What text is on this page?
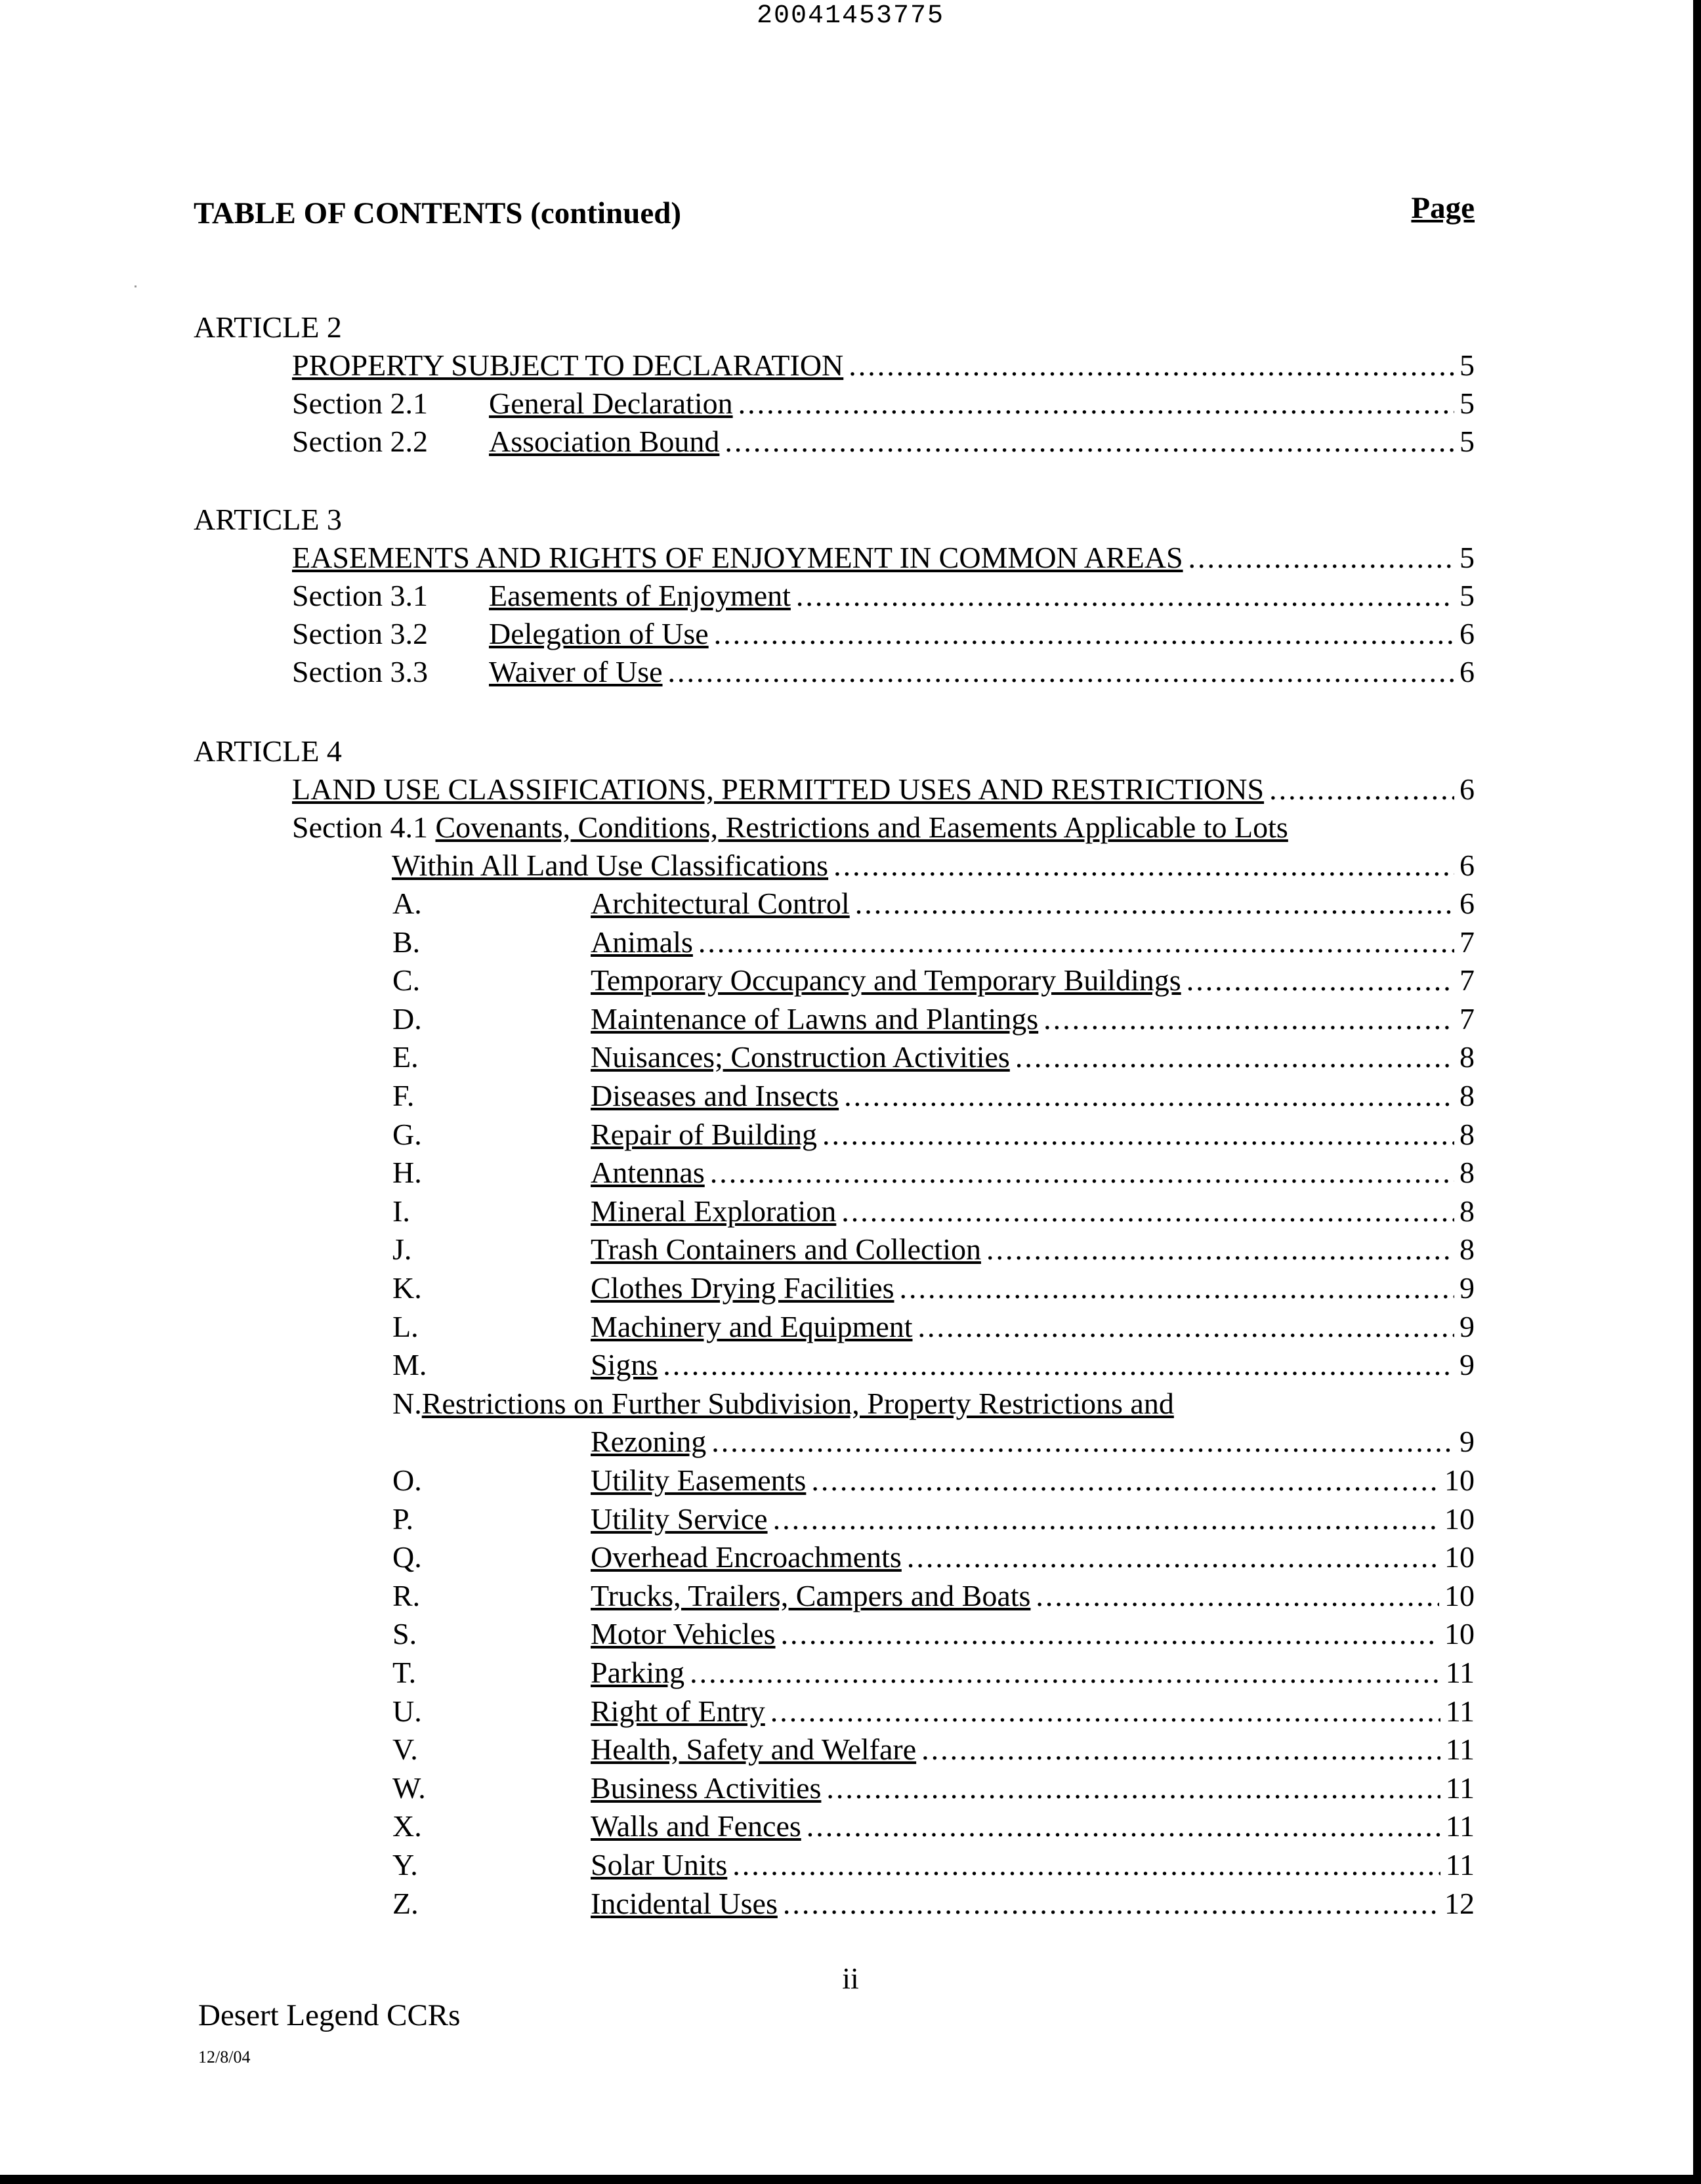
20041453775
TABLE OF CONTENTS (continued)	Page
ARTICLE 2
PROPERTY SUBJECT TO DECLARATION .....	5
Section 2.1	General Declaration .....	5
Section 2.2	Association Bound .....	5
ARTICLE 3
EASEMENTS AND RIGHTS OF ENJOYMENT IN COMMON AREAS .....	5
Section 3.1	Easements of Enjoyment .....	5
Section 3.2	Delegation of Use .....	6
Section 3.3	Waiver of Use .....	6
ARTICLE 4
LAND USE CLASSIFICATIONS, PERMITTED USES AND RESTRICTIONS .....	6
Section 4.1 Covenants, Conditions, Restrictions and Easements Applicable to Lots
Within All Land Use Classifications .....	6
A.	Architectural Control .....	6
B.	Animals .....	7
C.	Temporary Occupancy and Temporary Buildings .....	7
D.	Maintenance of Lawns and Plantings .....	7
E.	Nuisances; Construction Activities .....	8
F.	Diseases and Insects .....	8
G.	Repair of Building .....	8
H.	Antennas .....	8
I.	Mineral Exploration .....	8
J.	Trash Containers and Collection .....	8
K.	Clothes Drying Facilities .....	9
L.	Machinery and Equipment .....	9
M.	Signs .....	9
N.Restrictions on Further Subdivision, Property Restrictions and
Rezoning .....	9
O.	Utility Easements .....	10
P.	Utility Service .....	10
Q.	Overhead Encroachments .....	10
R.	Trucks, Trailers, Campers and Boats .....	10
S.	Motor Vehicles .....	10
T.	Parking .....	11
U.	Right of Entry .....	11
V.	Health, Safety and Welfare .....	11
W.	Business Activities .....	11
X.	Walls and Fences .....	11
Y.	Solar Units .....	11
Z.	Incidental Uses .....	12
ii
Desert Legend CCRs
12/8/04
